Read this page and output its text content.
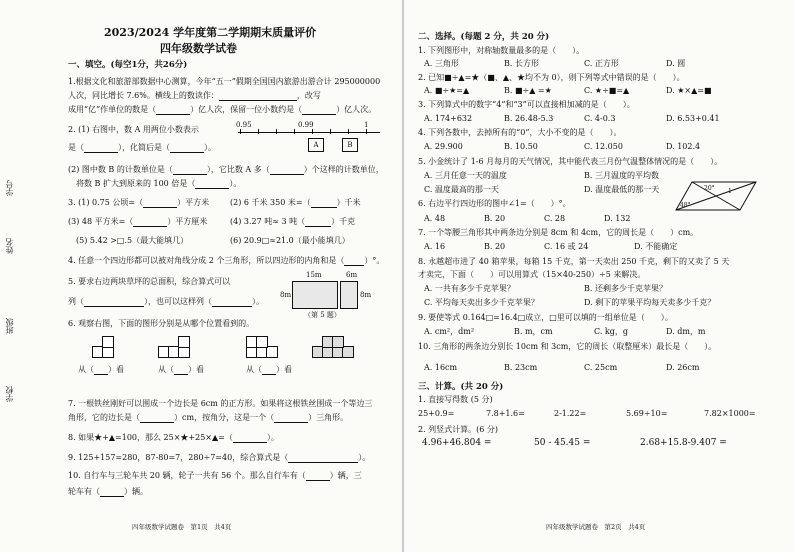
学校
班级
姓名
学号
2023/2024 学年度第二学期期末质量评价
四年级数学试卷
一、填空。(每空1分，共26分)
1.根据文化和旅游部数据中心测算，今年“五一”假期全国国内旅游出游合计 295000000
人次，同比增长 7.6%。横线上的数读作：	，改写
成用“亿”作单位的数是（	）亿人次，保留一位小数约是（	）亿人次。
2. (1) 右图中，数 A 用两位小数表示
是（	），化简后是（	）。
0.95	0.99	1
A	B
(2) 图中数 B 的计数单位是（	），它比数 A 多（	）个这样的计数单位，
将数 B 扩大到原来的 100 倍是（	）。
3. (1) 0.75 公顷=（	）平方米	(2) 6 千米 350 米=（	）千米
(3) 48 平方米=（	）平方厘米	(4) 3.27 吨≈ 3 吨（	）千克
(5) 5.42 >□.5（最大能填几）	(6) 20.9□≈21.0（最小能填几）
4. 任意一个四边形都可以被对角线分成 2 个三角形，所以四边形的内角和是（	）°。
5. 要求右边两块草坪的总面积，综合算式可以
列（	），也可以这样列（	）。
15m	6m
8m	8m
（第 5 题）
6. 观察右图，下面的图形分别是从哪个位置看到的。
从（ ）看	从（ ）看	从（ ）看
7. 一根铁丝刚好可以围成一个边长是 6cm 的正方形。如果将这根铁丝围成一个等边三
角形，它的边长是（	）cm，按角分，这是一个（	）三角形。
8. 如果★+▲=100，那么 25×★+25×▲=（	）。
9. 125+157=280，87-80=7，280÷7=40，综合算式是（	）。
10. 自行车与三轮车共 20 辆，轮子一共有 56 个。那么自行车有（	）辆，三
轮车有（	）辆。
四年级数学试题卷　第1页　共4页
二、选择。(每题 2 分，共 20 分)
1. 下列图形中，对称轴数量最多的是（　　）。
A. 三角形	B. 长方形	C. 正方形	D. 圆
2. 已知■÷▲=★（■、▲、★均不为 0），则下列等式中错误的是（　　）。
A. ■÷★=▲	B. ■÷▲ =★	C. ★÷■=▲	D. ★×▲=■
3. 下列算式中的数字“4”和“3”可以直接相加减的是（　　）。
A. 174+632	B. 26.48-5.3	C. 4-0.3	D. 6.53+0.41
4. 下列各数中，去掉所有的“0”，大小不变的是（　　）。
A. 29.900	B. 10.50	C. 12.050	D. 102.4
5. 小金统计了 1-6 月每月的天气情况，其中能代表三月份气温整体情况的是（　　）。
A. 三月任意一天的温度	B. 三月温度的平均数
C. 温度最高的那一天	D. 温度最低的那一天
6. 右边平行四边形的图中∠1=（　　）°。
20° 1
48°
A. 48	B. 20	C. 28	D. 132
7. 一个等腰三角形其中两条边分别是 8cm 和 4cm，它的周长是（　　）cm。
A. 16	B. 20	C. 16 或 24	D. 不能确定
8. 永越超市进了 40 箱苹果，每箱 15 千克，第一天卖出 250 千克，剩下的又卖了 5 天
才卖完，下面（　　）可以用算式（15×40-250）÷5 来解决。
A. 一共有多少千克苹果？	B. 还剩多少千克苹果？
C. 平均每天卖出多少千克苹果？	D. 剩下的苹果平均每天卖多少千克？
9. 要使等式 0.164□=16.4□成立，□里可以填的一组单位是（　　）。
A. cm²，dm²	B. m，cm	C. kg，g	D. dm，m
10. 三角形的两条边分别长 10cm 和 3cm，它的周长（取整厘米）最长是（　　）。
A. 16cm	B. 23cm	C. 25cm	D. 26cm
三、计算。(共 20 分)
1. 直接写得数 (5 分)
25+0.9=	7.8+1.6=	2-1.22=	5.69÷10=	7.82×1000=
2. 列竖式计算。(6 分)
4.96+46.804 =	50 - 45.45 =	2.68+15.8-9.407 =
四年级数学试题卷　第2页　共4页
